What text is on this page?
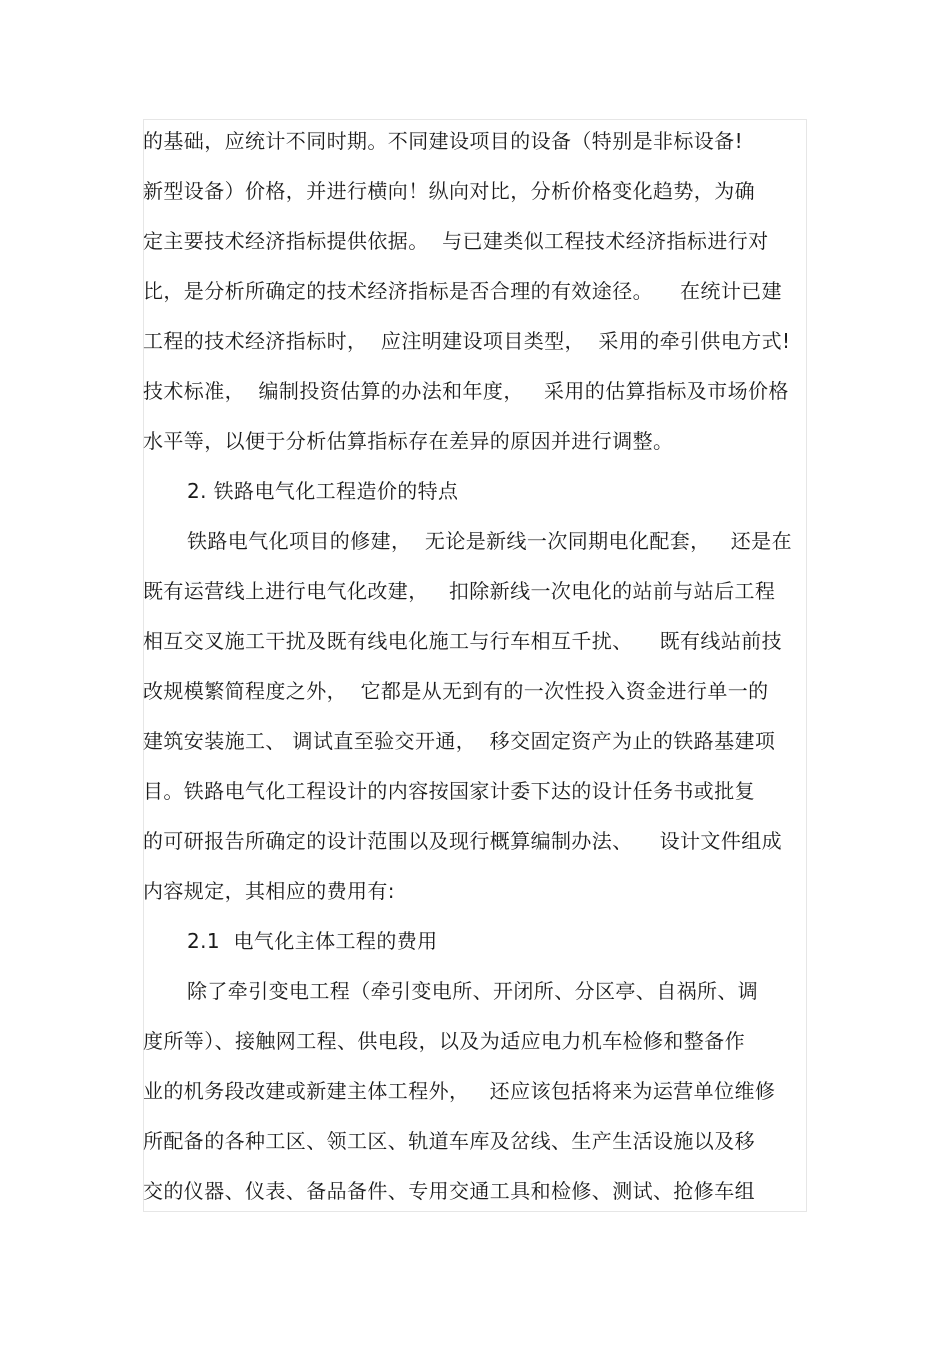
的基础，应统计不同时期。不同建设项目的设备（特别是非标设备!
新型设备）价格，并进行横向！纵向对比，分析价格变化趋势，为确
定主要技术经济指标提供依据。  与已建类似工程技术经济指标进行对
比，是分析所确定的技术经济指标是否合理的有效途径。    在统计已建
工程的技术经济指标时，  应注明建设项目类型，  采用的牵引供电方式!
技术标准，  编制投资估算的办法和年度，   采用的估算指标及市场价格
水平等，以便于分析估算指标存在差异的原因并进行调整。
2. 铁路电气化工程造价的特点
铁路电气化项目的修建，  无论是新线一次同期电化配套，   还是在
既有运营线上进行电气化改建，   扣除新线一次电化的站前与站后工程
相互交叉施工干扰及既有线电化施工与行车相互千扰、    既有线站前技
改规模繁简程度之外，  它都是从无到有的一次性投入资金进行单一的
建筑安装施工、 调试直至验交开通，  移交固定资产为止的铁路基建项
目。铁路电气化工程设计的内容按国家计委下达的设计任务书或批复
的可研报告所确定的设计范围以及现行概算编制办法、    设计文件组成
内容规定，其相应的费用有:
2.1  电气化主体工程的费用
除了牵引变电工程（牵引变电所、开闭所、分区亭、自祸所、调
度所等）、接触网工程、供电段，以及为适应电力机车检修和整备作
业的机务段改建或新建主体工程外，   还应该包括将来为运营单位维修
所配备的各种工区、领工区、轨道车库及岔线、生产生活设施以及移
交的仪器、仪表、备品备件、专用交通工具和检修、测试、抢修车组
